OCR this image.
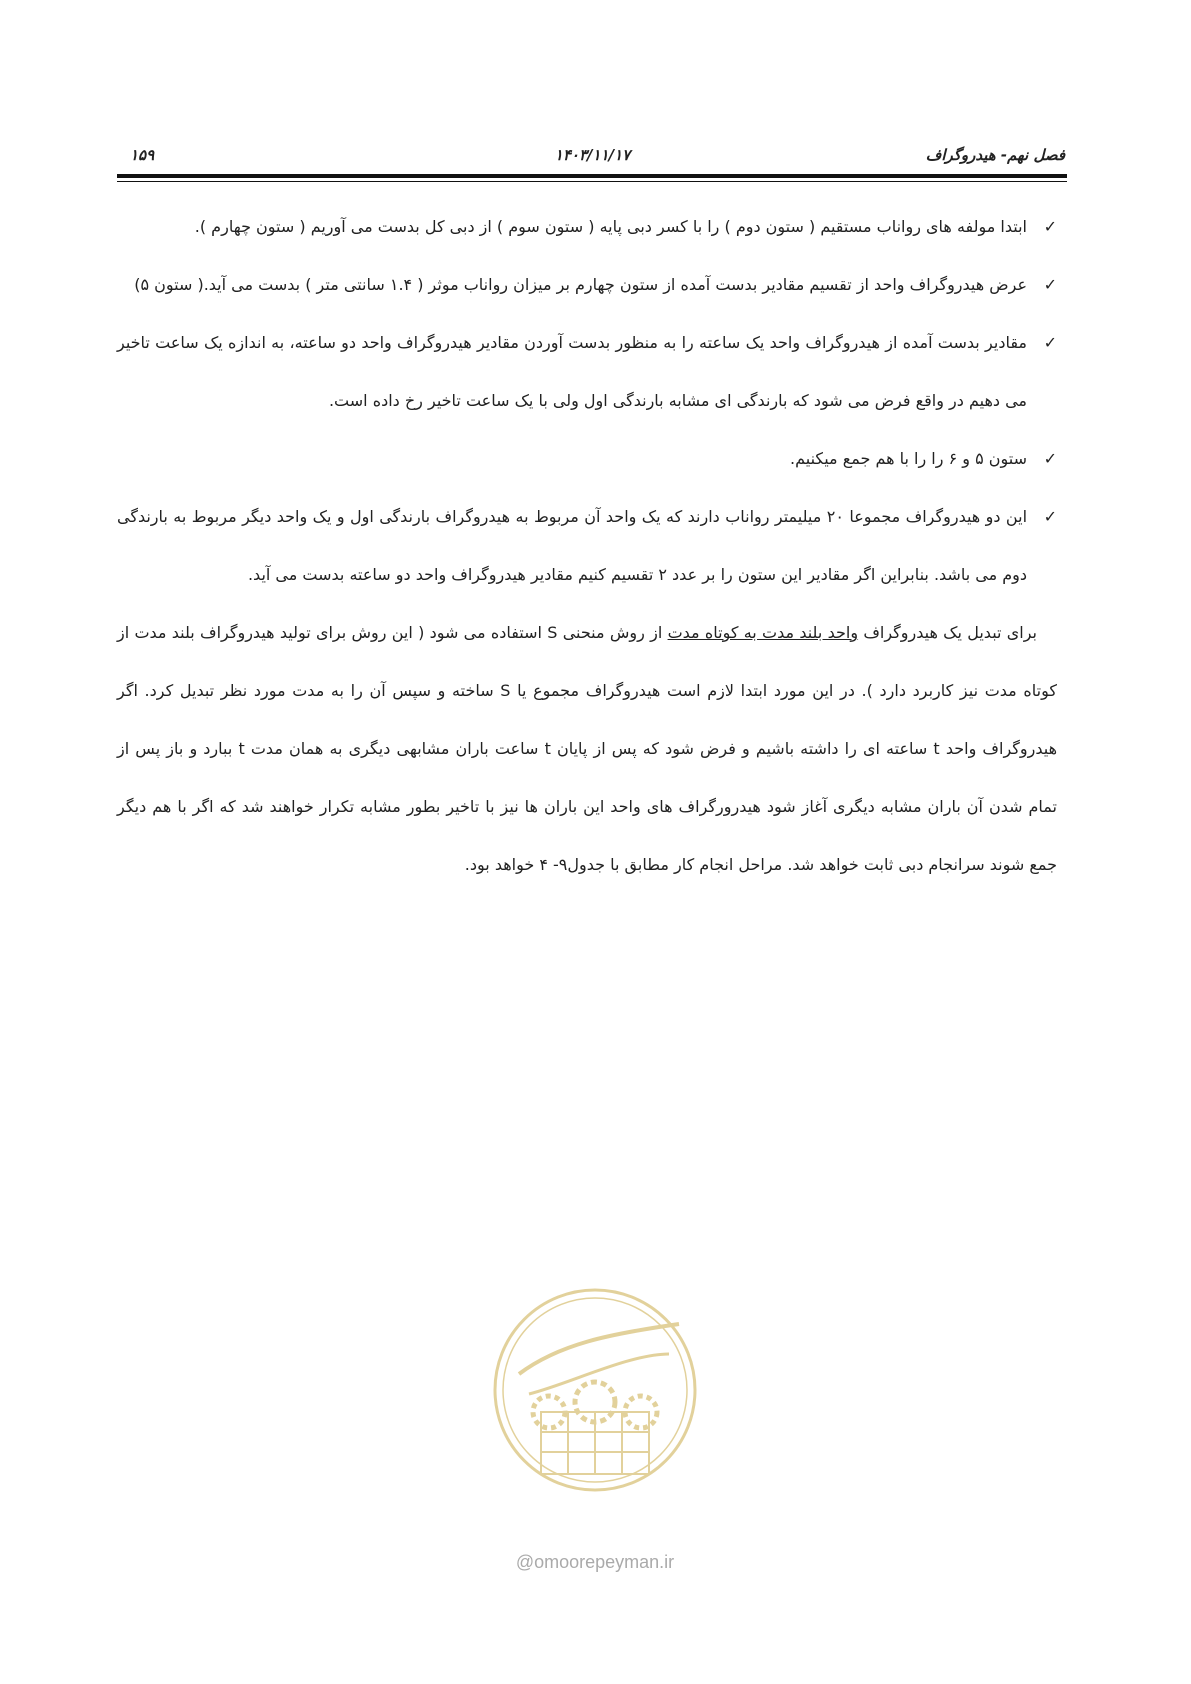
فصل نهم- هیدروگراف
۱۴۰۳/۱۱/۱۷
۱۵۹
✓
ابتدا مولفه های رواناب مستقیم ( ستون دوم ) را با کسر دبی پایه ( ستون سوم ) از دبی کل بدست می آوریم ( ستون چهارم ).
✓
عرض هیدروگراف واحد از تقسیم مقادیر بدست آمده از ستون چهارم بر میزان رواناب موثر ( ۱.۴ سانتی متر ) بدست می آید.( ستون ۵)
✓
مقادیر بدست آمده از هیدروگراف واحد یک ساعته را به منظور بدست آوردن مقادیر هیدروگراف واحد دو ساعته، به اندازه یک ساعت تاخیر می دهیم در واقع فرض می شود که بارندگی ای مشابه بارندگی اول ولی با یک ساعت تاخیر رخ داده است.
✓
ستون ۵ و ۶ را را با هم جمع میکنیم.
✓
این دو هیدروگراف مجموعا ۲۰ میلیمتر رواناب دارند که یک واحد آن مربوط به هیدروگراف بارندگی اول و یک واحد دیگر مربوط به بارندگی دوم می باشد. بنابراین اگر مقادیر این ستون را بر عدد ۲ تقسیم کنیم مقادیر هیدروگراف واحد دو ساعته بدست می آید.

برای تبدیل یک هیدروگراف واحد بلند مدت به کوتاه مدت از روش منحنی S استفاده می شود ( این روش برای تولید هیدروگراف بلند مدت از کوتاه مدت نیز کاربرد دارد ). در این مورد ابتدا لازم است هیدروگراف مجموع یا S ساخته و سپس آن را به مدت مورد نظر تبدیل کرد. اگر هیدروگراف واحد t ساعته ای را داشته باشیم و فرض شود که پس از پایان t ساعت باران مشابهی دیگری به همان مدت t ببارد و باز پس از تمام شدن آن باران مشابه دیگری آغاز شود هیدرورگراف های واحد این باران ها نیز با تاخیر بطور مشابه تکرار خواهند شد که اگر با هم دیگر جمع شوند سرانجام دبی ثابت خواهد شد. مراحل انجام کار مطابق با جدول۹- ۴ خواهد بود.

@omoorepeyman.ir
